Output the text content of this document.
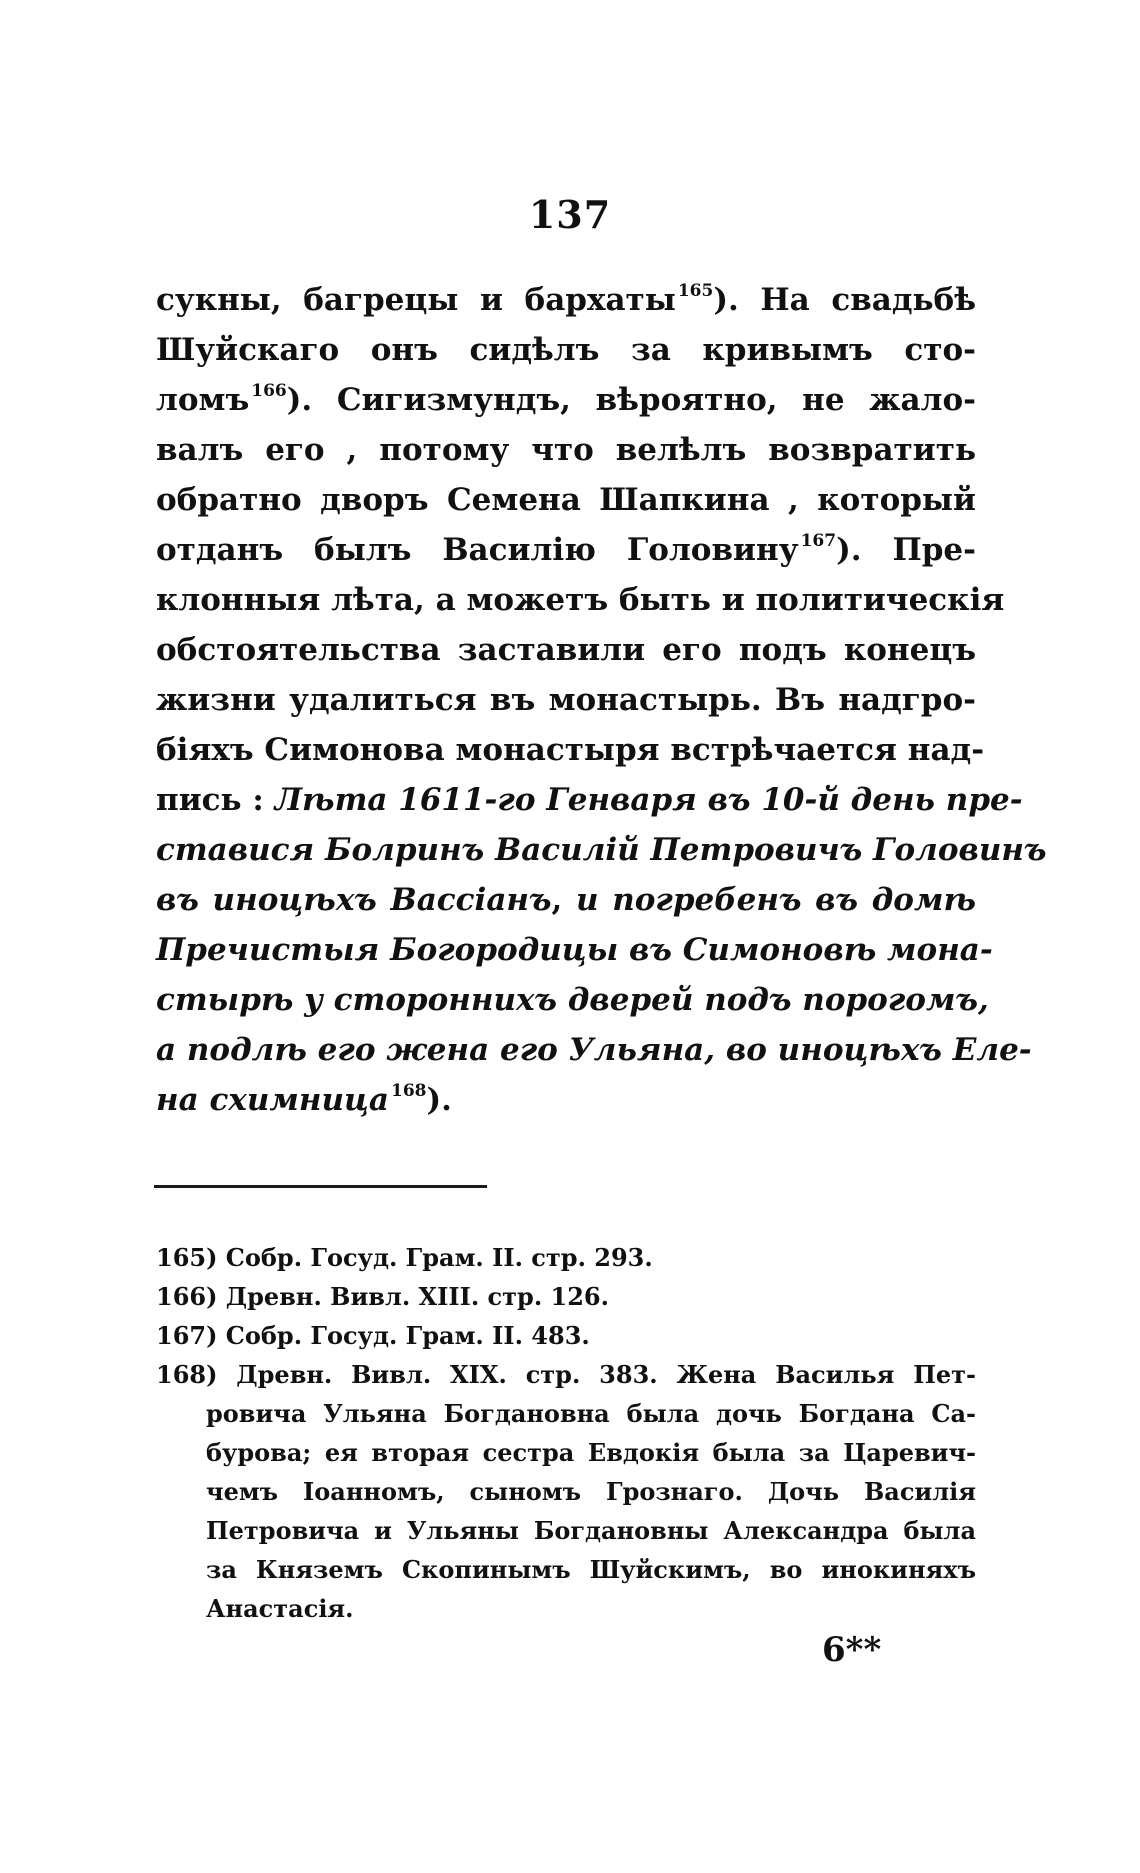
137
сукны, багрецы и бархаты $^{165}$). На свадьбѣ
Шуйскаго онъ сидѣлъ за кривымъ сто-
ломъ $^{166}$). Сигизмундъ, вѣроятно, не жало-
валъ его , потому что велѣлъ возвратить
обратно дворъ Семена Шапкина , который
отданъ былъ Василію Головину $^{167}$). Пре-
клонныя лѣта, а можетъ быть и политическія
обстоятельства заставили его подъ конецъ
жизни удалиться въ монастырь. Въ надгро-
біяхъ Симонова монастыря встрѣчается над-
пись : Лѣта 1611-го Генваря въ 10-й день пре-
ставися Болринъ Василій Петровичъ Головинъ
въ иноцѣхъ Вассіанъ, и погребенъ въ домѣ
Пречистыя Богородицы въ Симоновѣ мона-
стырѣ у стороннихъ дверей подъ порогомъ,
а подлѣ его жена его Ульяна, во иноцѣхъ Еле-
на схимница $^{168}$).
165) Собр. Госуд. Грам. II. стр. 293.
166) Древн. Вивл. XIII. стр. 126.
167) Собр. Госуд. Грам. II. 483.
168) Древн. Вивл. XIX. стр. 383. Жена Василья Пет-
ровича Ульяна Богдановна была дочь Богдана Са-
бурова; ея вторая сестра Евдокія была за Царевич-
чемъ Іоанномъ, сыномъ Грознаго. Дочь Василія
Петровича и Ульяны Богдановны Александра была
за Княземъ Скопинымъ Шуйскимъ, во инокиняхъ
Анастасія.
6**
